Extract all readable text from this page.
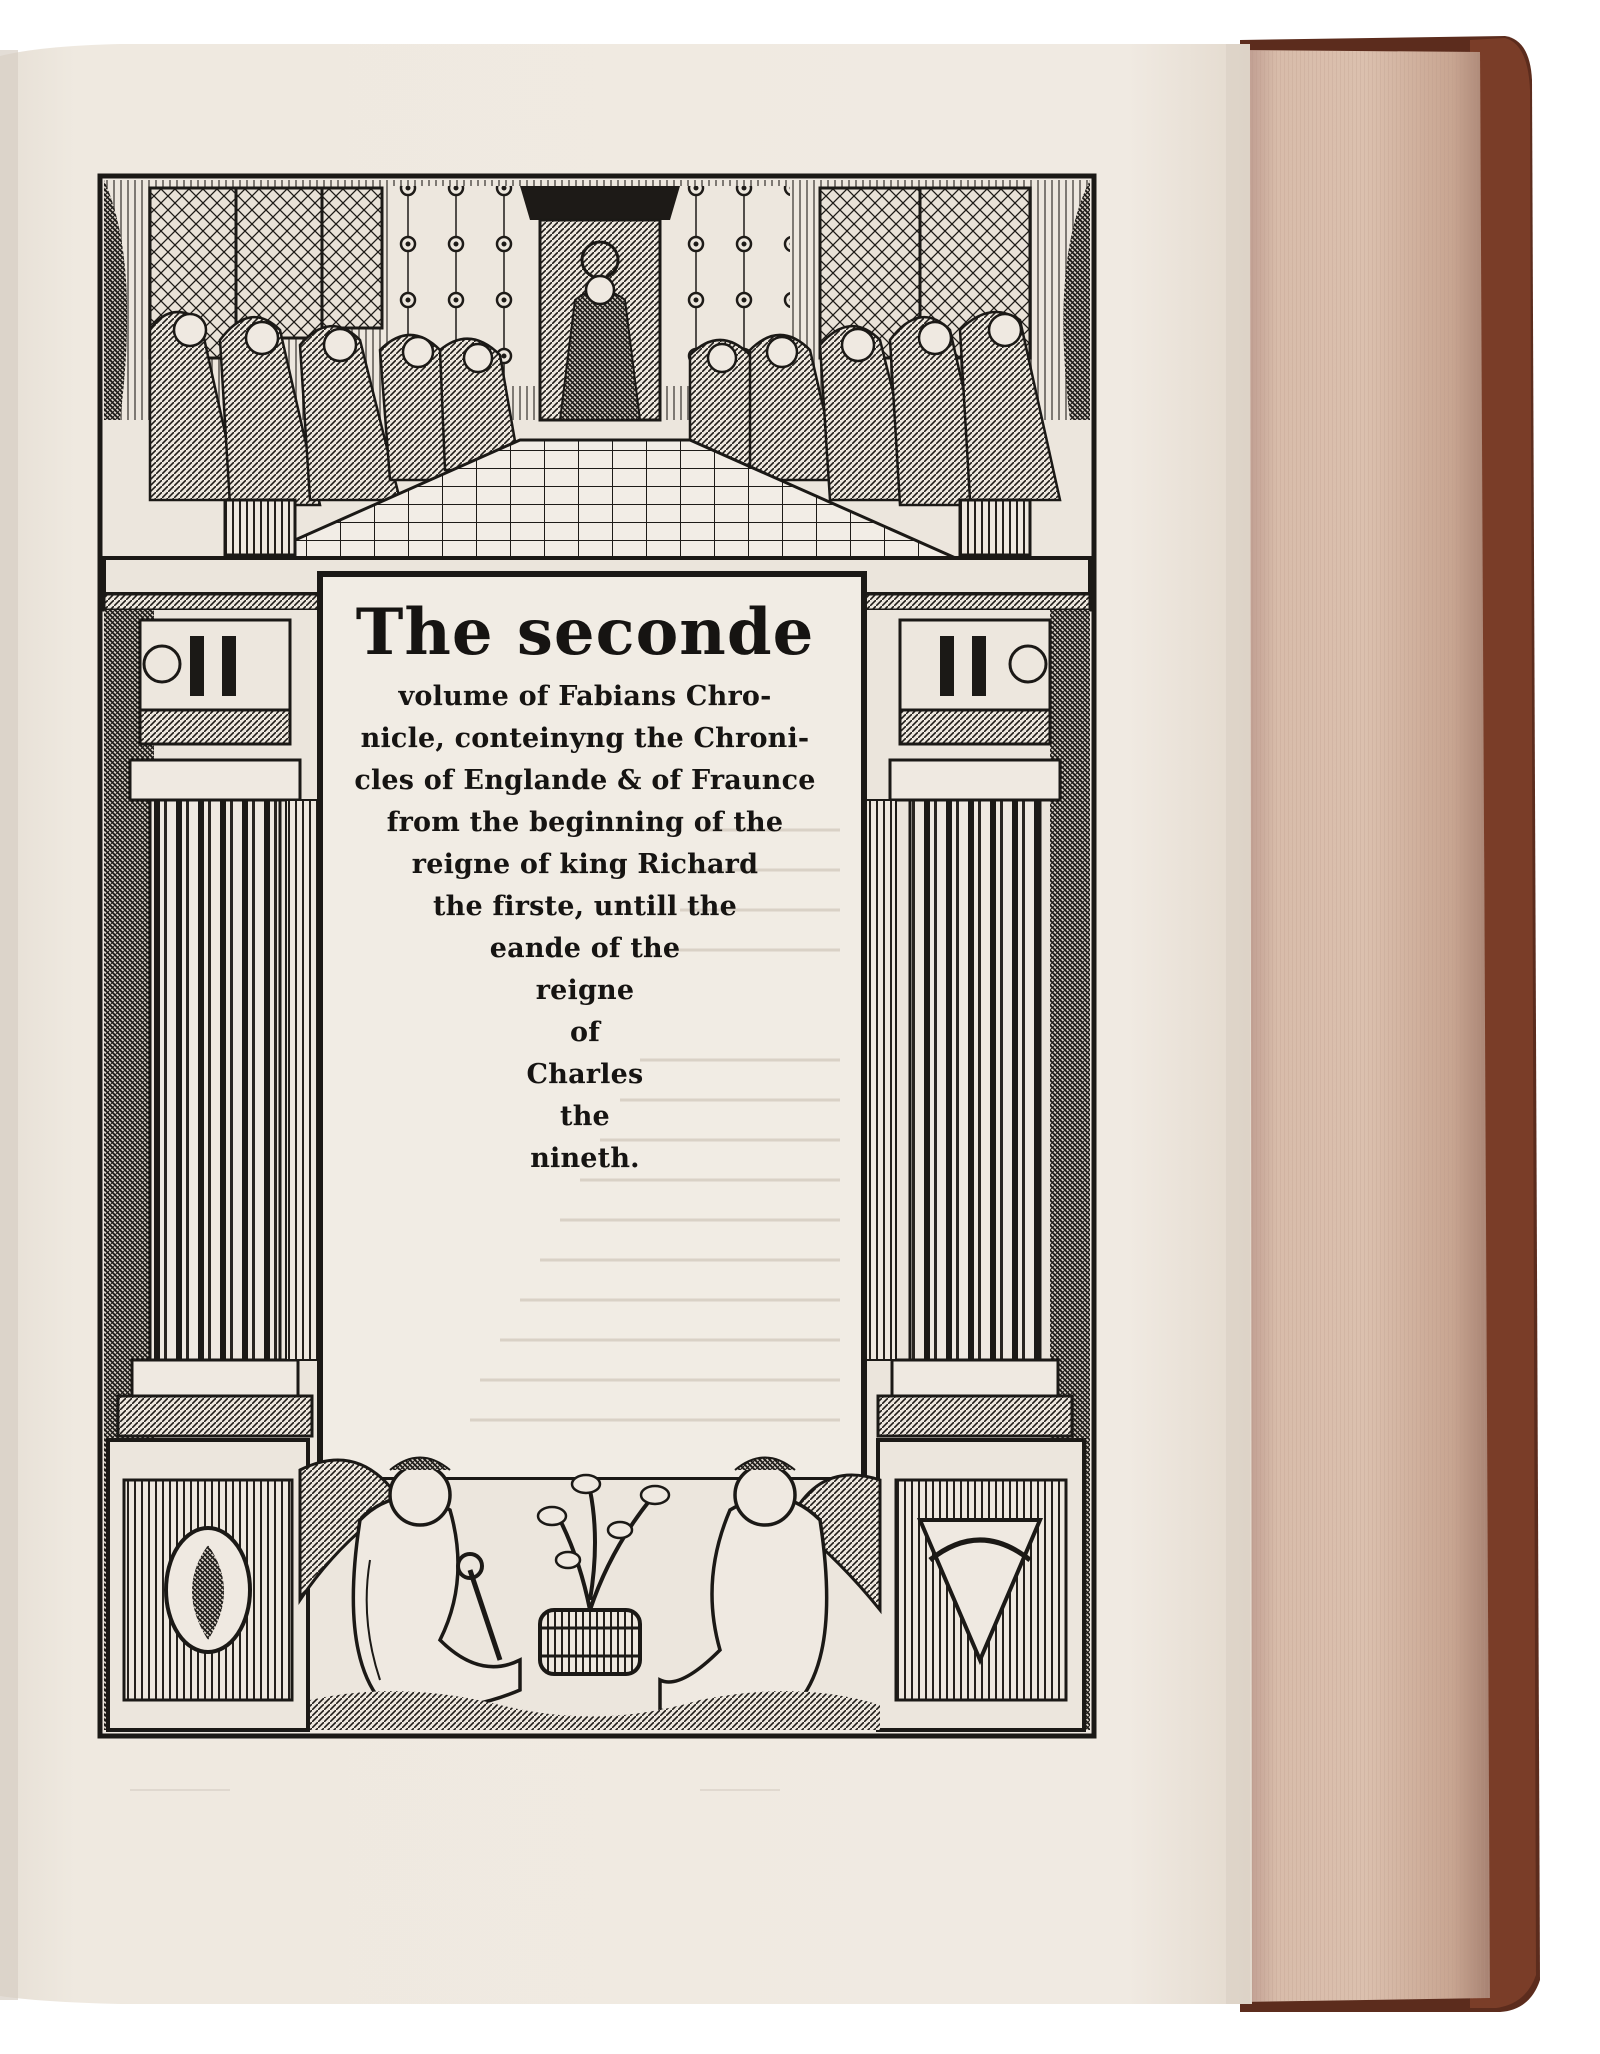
The seconde
volume of Fabians Chro-
nicle, conteinyng the Chroni-
cles of Englande & of Fraunce
from the beginning of the
reigne of king Richard
the firste, untill the
eande of the
reigne
of
Charles
the
nineth.
